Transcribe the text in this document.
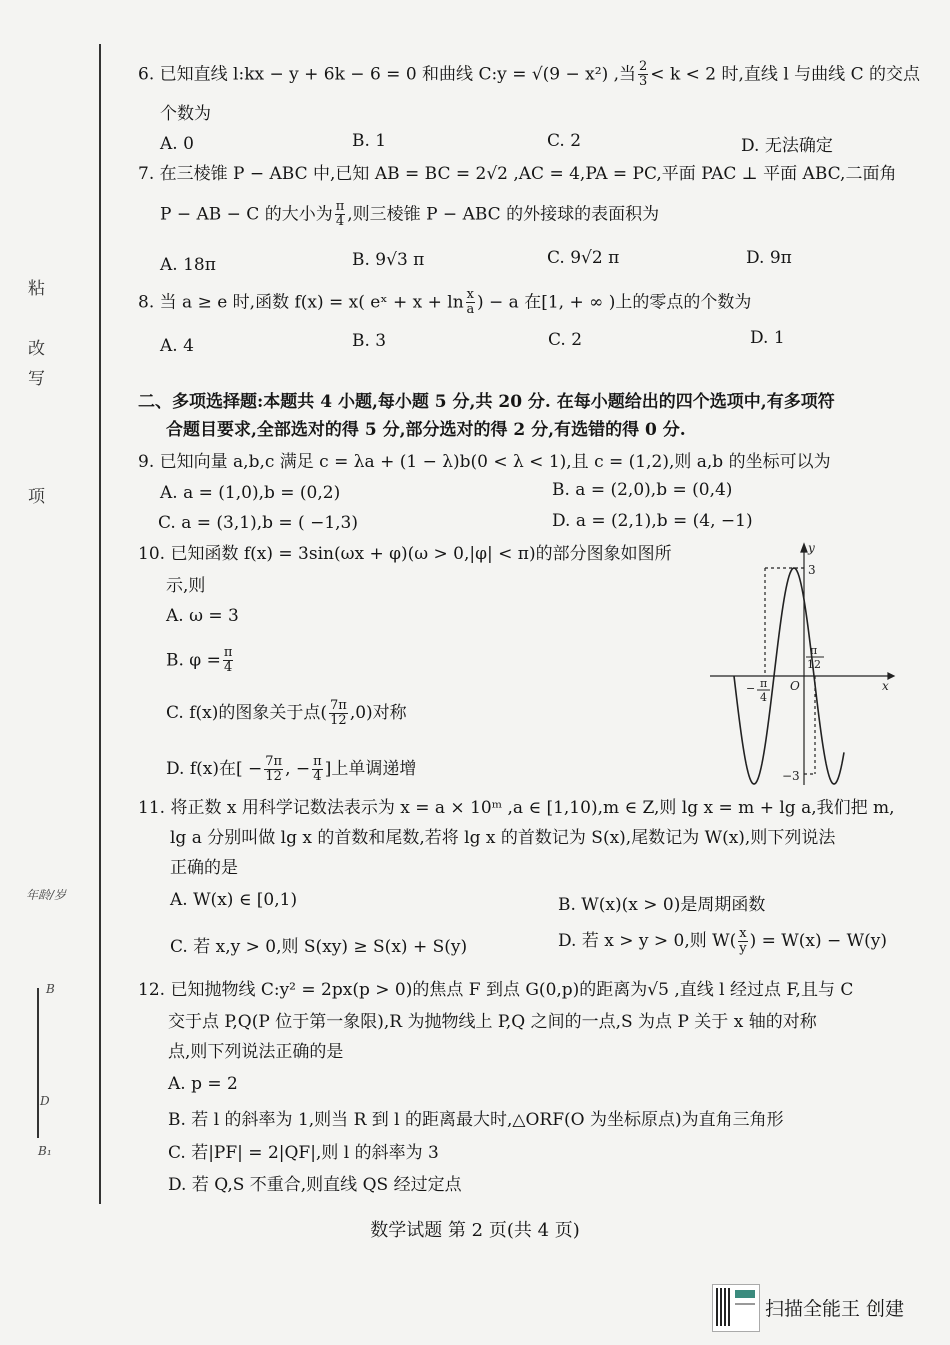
粘
改
写
项
年龄/岁
B
D
B₁
6. 已知直线 l:kx − y + 6k − 6 = 0 和曲线 C:y = √(9 − x²) ,当 $\frac{2}{3} < k < 2$ 时,直线 l 与曲线 C 的交点
个数为
A. 0	B. 1	C. 2	D. 无法确定
7. 在三棱锥 P − ABC 中,已知 AB = BC = 2√2 ,AC = 4,PA = PC,平面 PAC ⊥ 平面 ABC,二面角
P − AB − C 的大小为 $\frac{\pi}{4}$ ,则三棱锥 P − ABC 的外接球的表面积为
A. 18π	B. 9√3 π	C. 9√2 π	D. 9π
8. 当 a ≥ e 时,函数 f(x) = x( eˣ + $x + \ln \frac{x}{a}$ ) − a 在[1, + ∞ )上的零点的个数为
A. 4	B. 3	C. 2	D. 1
二、多项选择题:本题共 4 小题,每小题 5 分,共 20 分. 在每小题给出的四个选项中,有多项符
合题目要求,全部选对的得 5 分,部分选对的得 2 分,有选错的得 0 分.
9. 已知向量 a,b,c 满足 c = λa + (1 − λ)b(0 < λ < 1),且 c = (1,2),则 a,b 的坐标可以为
A. a = (1,0),b = (0,2)	B. a = (2,0),b = (0,4)
C. a = (3,1),b = ( −1,3)	D. a = (2,1),b = (4, −1)
10. 已知函数 f(x) = 3sin(ωx + φ)(ω > 0,|φ| < π)的部分图象如图所
示,则
A. ω = 3
B. $\varphi = \frac{\pi}{4}$
C. f(x)的图象关于点( $\frac{7\pi}{12} ,0$)对称
D. f(x)在[ − $\frac{7\pi}{12}$ , − $\frac{\pi}{4}$ ]上单调递增
y
x
O
3
−3
− π
4
π
12
11. 将正数 x 用科学记数法表示为 x = a × 10ᵐ ,a ∈ [1,10),m ∈ Z,则 lg x = m + lg a,我们把 m,
lg a 分别叫做 lg x 的首数和尾数,若将 lg x 的首数记为 S(x),尾数记为 W(x),则下列说法
正确的是
A. W(x) ∈ [0,1)	B. W(x)(x > 0)是周期函数
C. 若 x,y > 0,则 S(xy) ≥ S(x) + S(y)	D. 若 x > y > 0,则 $W( \frac{x}{y}$ ) = W(x) − W(y)
12. 已知抛物线 C:y² = 2px(p > 0)的焦点 F 到点 G(0,p)的距离为√5 ,直线 l 经过点 F,且与 C
交于点 P,Q(P 位于第一象限),R 为抛物线上 P,Q 之间的一点,S 为点 P 关于 x 轴的对称
点,则下列说法正确的是
A. p = 2
B. 若 l 的斜率为 1,则当 R 到 l 的距离最大时,△ORF(O 为坐标原点)为直角三角形
C. 若|PF| = 2|QF|,则 l 的斜率为 3
D. 若 Q,S 不重合,则直线 QS 经过定点
数学试题 第 2 页(共 4 页)
扫描全能王 创建
